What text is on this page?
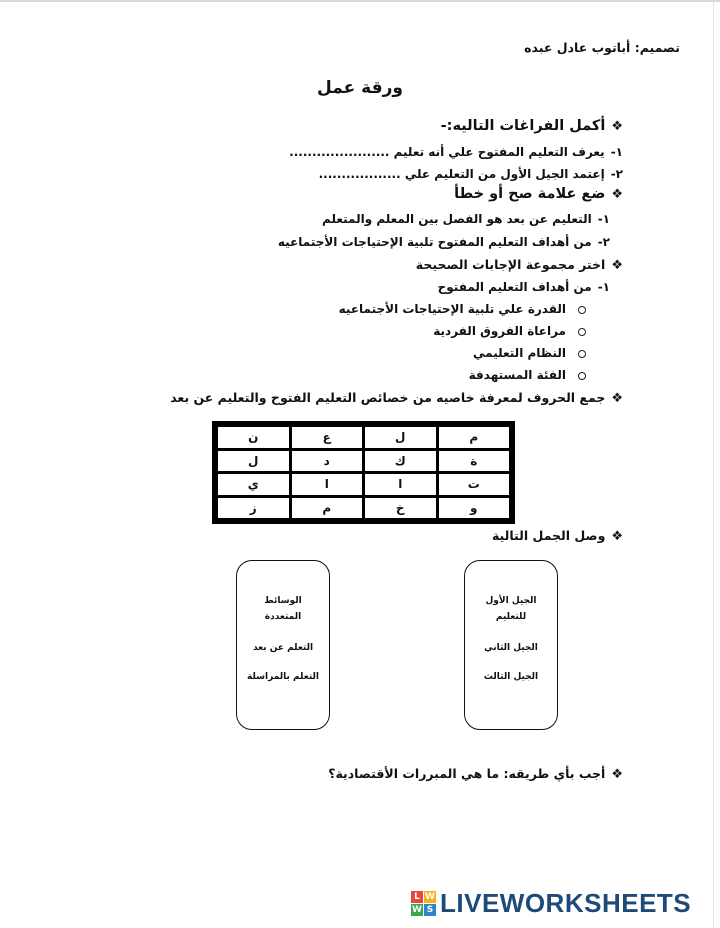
تصميم: أباتوب عادل عبده
ورقة عمل
❖أكمل الفراغات التاليه:-
١-يعرف التعليم المفتوح علي أنه تعليم ......................
٢-إعتمد الجيل الأول من التعليم علي ..................
❖ضع علامة صح أو خطأ
١-التعليم عن بعد هو الفصل بين المعلم والمتعلم
٢-من أهداف التعليم المفتوح تلبية الإحتياجات الأجتماعيه
❖اختر مجموعة الإجابات الصحيحة
١-من أهداف التعليم المفتوح
القدرة علي تلبية الإحتياجات الأجتماعيه
مراعاة الفروق الفردية
النظام التعليمي
الفئة المستهدفة
❖جمع الحروف لمعرفة خاصيه من خصائص التعليم الفتوح والتعليم عن بعد
ن	ع	ل	م
ل	د	ك	ة
ي	ا	ا	ت
ز	م	خ	و
❖وصل الجمل التالية
الجيل الأول
للتعليم
الجيل الثاني
الجيل الثالث
الوسائط
المتعددة
التعلم عن بعد
التعلم بالمراسلة
❖أجب بأي طريقه: ما هي المبررات الأقتصادية؟
L W
W S LIVEWORKSHEETS
